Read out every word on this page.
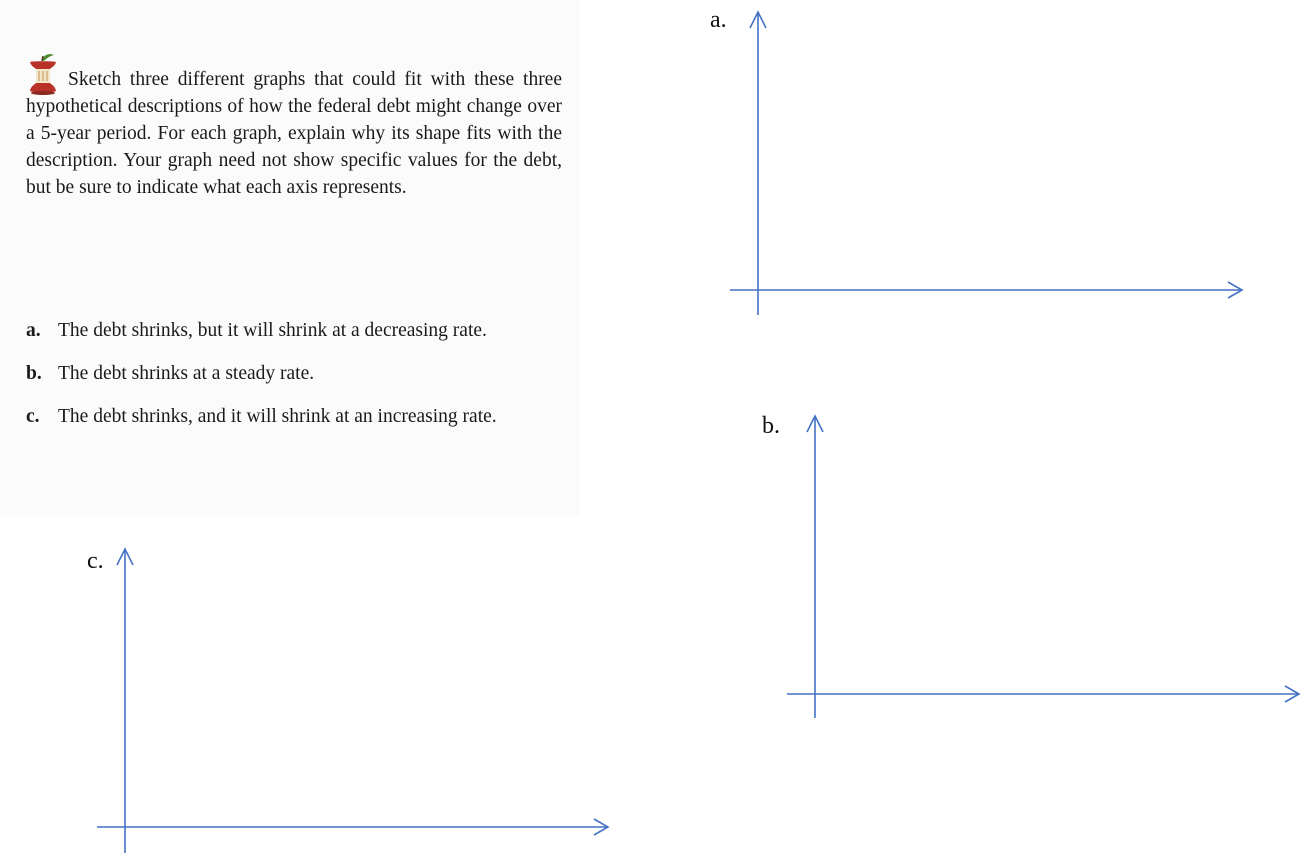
Sketch three different graphs that could fit with these three hypothetical descriptions of how the federal debt might change over a 5-year period. For each graph, explain why its shape fits with the description. Your graph need not show specific values for the debt, but be sure to indicate what each axis represents.

a. The debt shrinks, but it will shrink at a decreasing rate.
b. The debt shrinks at a steady rate.
c. The debt shrinks, and it will shrink at an increasing rate.
a.
b.
c.
